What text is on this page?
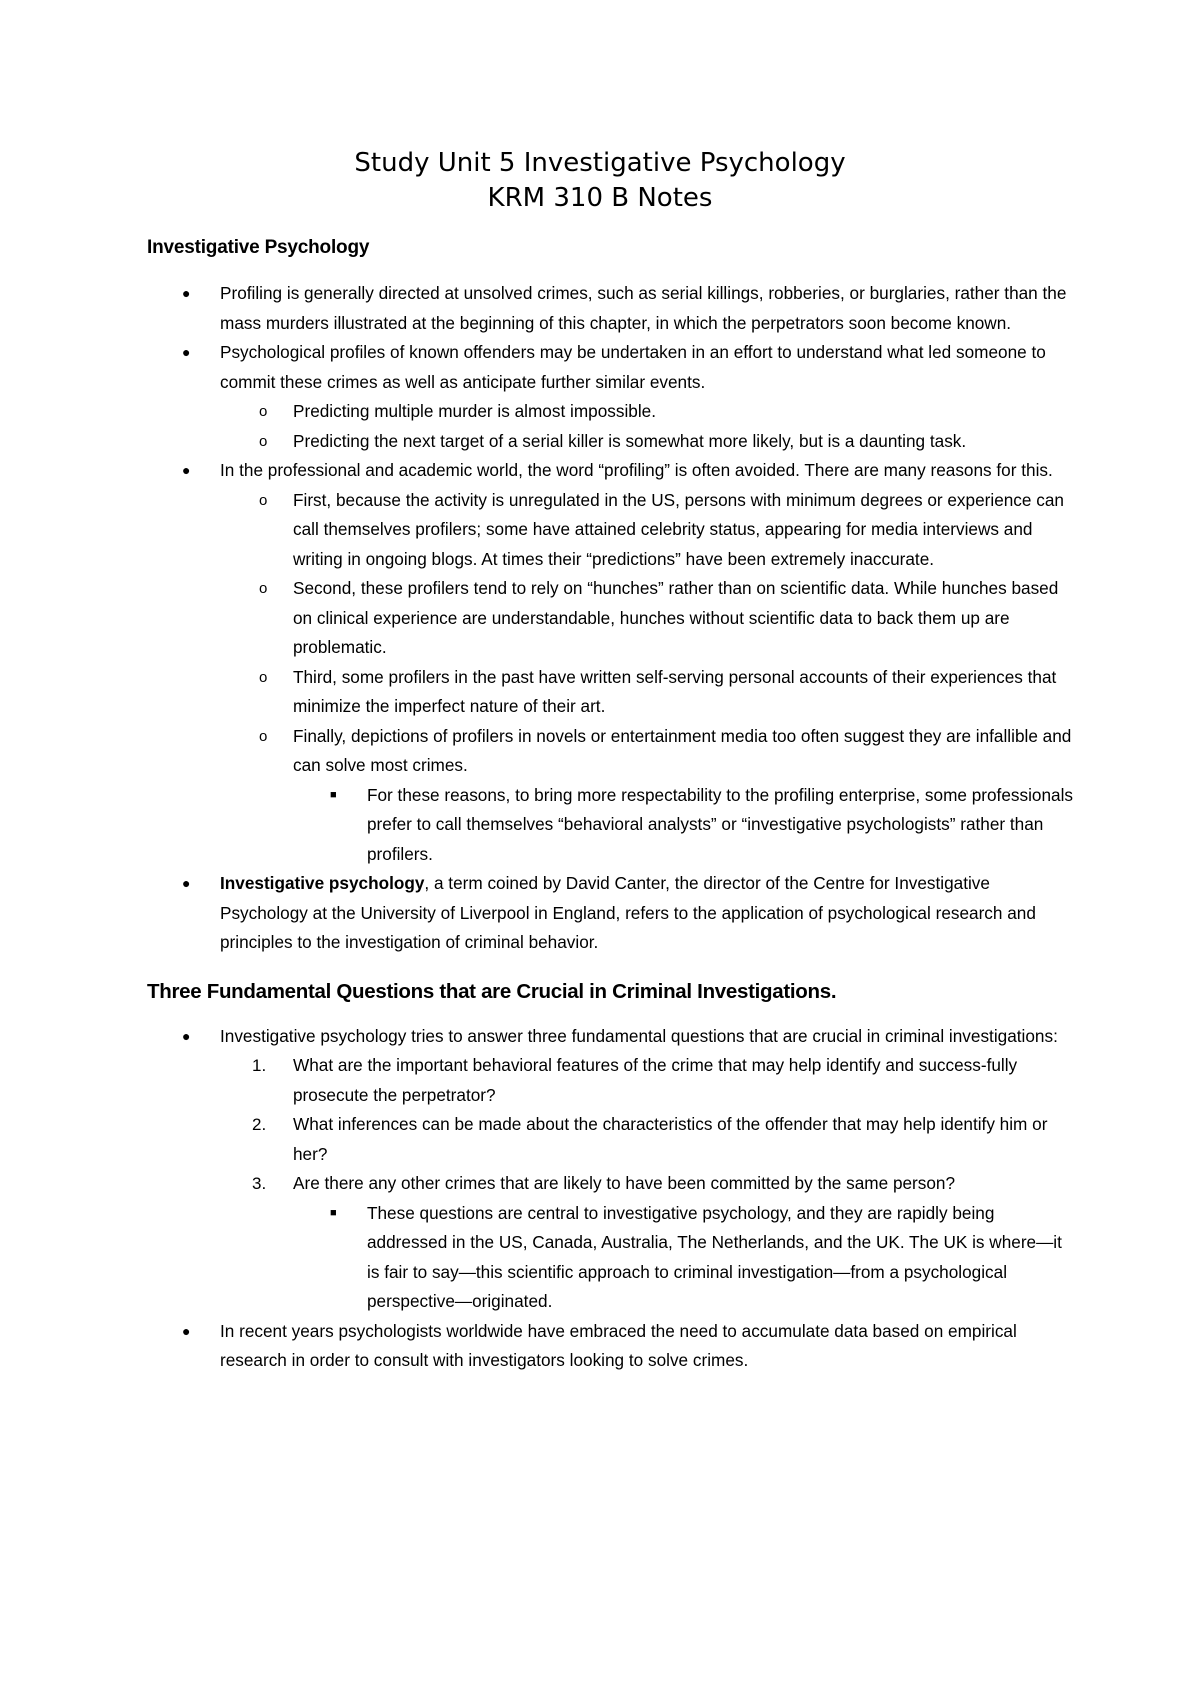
Study Unit 5 Investigative Psychology
KRM 310 B Notes
Investigative Psychology
● Profiling is generally directed at unsolved crimes, such as serial killings, robberies, or burglaries, rather than the mass murders illustrated at the beginning of this chapter, in which the perpetrators soon become known.
● Psychological profiles of known offenders may be undertaken in an effort to understand what led someone to commit these crimes as well as anticipate further similar events.
o Predicting multiple murder is almost impossible.
o Predicting the next target of a serial killer is somewhat more likely, but is a daunting task.
● In the professional and academic world, the word “profiling” is often avoided. There are many reasons for this.
o First, because the activity is unregulated in the US, persons with minimum degrees or experience can call themselves profilers; some have attained celebrity status, appearing for media interviews and writing in ongoing blogs. At times their “predictions” have been extremely inaccurate.
o Second, these profilers tend to rely on “hunches” rather than on scientific data. While hunches based on clinical experience are understandable, hunches without scientific data to back them up are problematic.
o Third, some profilers in the past have written self-serving personal accounts of their experiences that minimize the imperfect nature of their art.
o Finally, depictions of profilers in novels or entertainment media too often suggest they are infallible and can solve most crimes.
■ For these reasons, to bring more respectability to the profiling enterprise, some professionals prefer to call themselves “behavioral analysts” or “investigative psychologists” rather than profilers.
● Investigative psychology, a term coined by David Canter, the director of the Centre for Investigative Psychology at the University of Liverpool in England, refers to the application of psychological research and principles to the investigation of criminal behavior.
Three Fundamental Questions that are Crucial in Criminal Investigations.
● Investigative psychology tries to answer three fundamental questions that are crucial in criminal investigations:
1. What are the important behavioral features of the crime that may help identify and success-fully prosecute the perpetrator?
2. What inferences can be made about the characteristics of the offender that may help identify him or her?
3. Are there any other crimes that are likely to have been committed by the same person?
■ These questions are central to investigative psychology, and they are rapidly being addressed in the US, Canada, Australia, The Netherlands, and the UK. The UK is where—it is fair to say—this scientific approach to criminal investigation—from a psychological perspective—originated.
● In recent years psychologists worldwide have embraced the need to accumulate data based on empirical research in order to consult with investigators looking to solve crimes.
